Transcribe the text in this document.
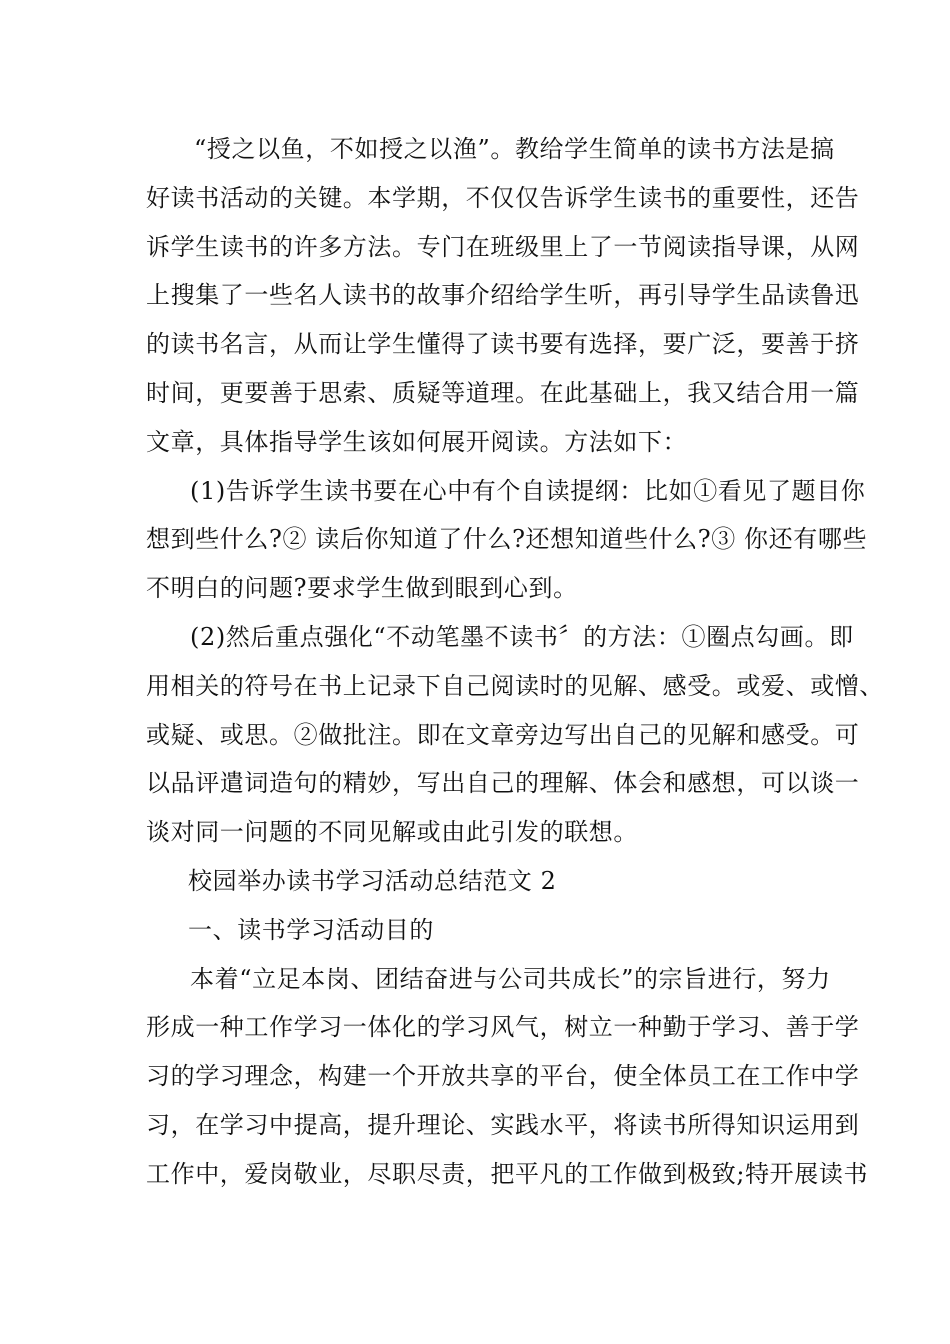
“授之以鱼，不如授之以渔”。教给学生简单的读书方法是搞
好读书活动的关键。本学期，不仅仅告诉学生读书的重要性，还告
诉学生读书的许多方法。专门在班级里上了一节阅读指导课，从网
上搜集了一些名人读书的故事介绍给学生听，再引导学生品读鲁迅
的读书名言，从而让学生懂得了读书要有选择，要广泛，要善于挤
时间，更要善于思索、质疑等道理。在此基础上，我又结合用一篇
文章，具体指导学生该如何展开阅读。方法如下：
(1)告诉学生读书要在心中有个自读提纲：比如①看见了题目你
想到些什么?② 读后你知道了什么?还想知道些什么?③ 你还有哪些
不明白的问题?要求学生做到眼到心到。
(2)然后重点强化“不动笔墨不读书〞的方法：①圈点勾画。即
用相关的符号在书上记录下自己阅读时的见解、感受。或爱、或憎、
或疑、或思。②做批注。即在文章旁边写出自己的见解和感受。可
以品评遣词造句的精妙，写出自己的理解、体会和感想，可以谈一
谈对同一问题的不同见解或由此引发的联想。
校园举办读书学习活动总结范文 2
一、读书学习活动目的
本着“立足本岗、团结奋进与公司共成长”的宗旨进行，努力
形成一种工作学习一体化的学习风气，树立一种勤于学习、善于学
习的学习理念，构建一个开放共享的平台，使全体员工在工作中学
习，在学习中提高，提升理论、实践水平，将读书所得知识运用到
工作中，爱岗敬业，尽职尽责，把平凡的工作做到极致;特开展读书
